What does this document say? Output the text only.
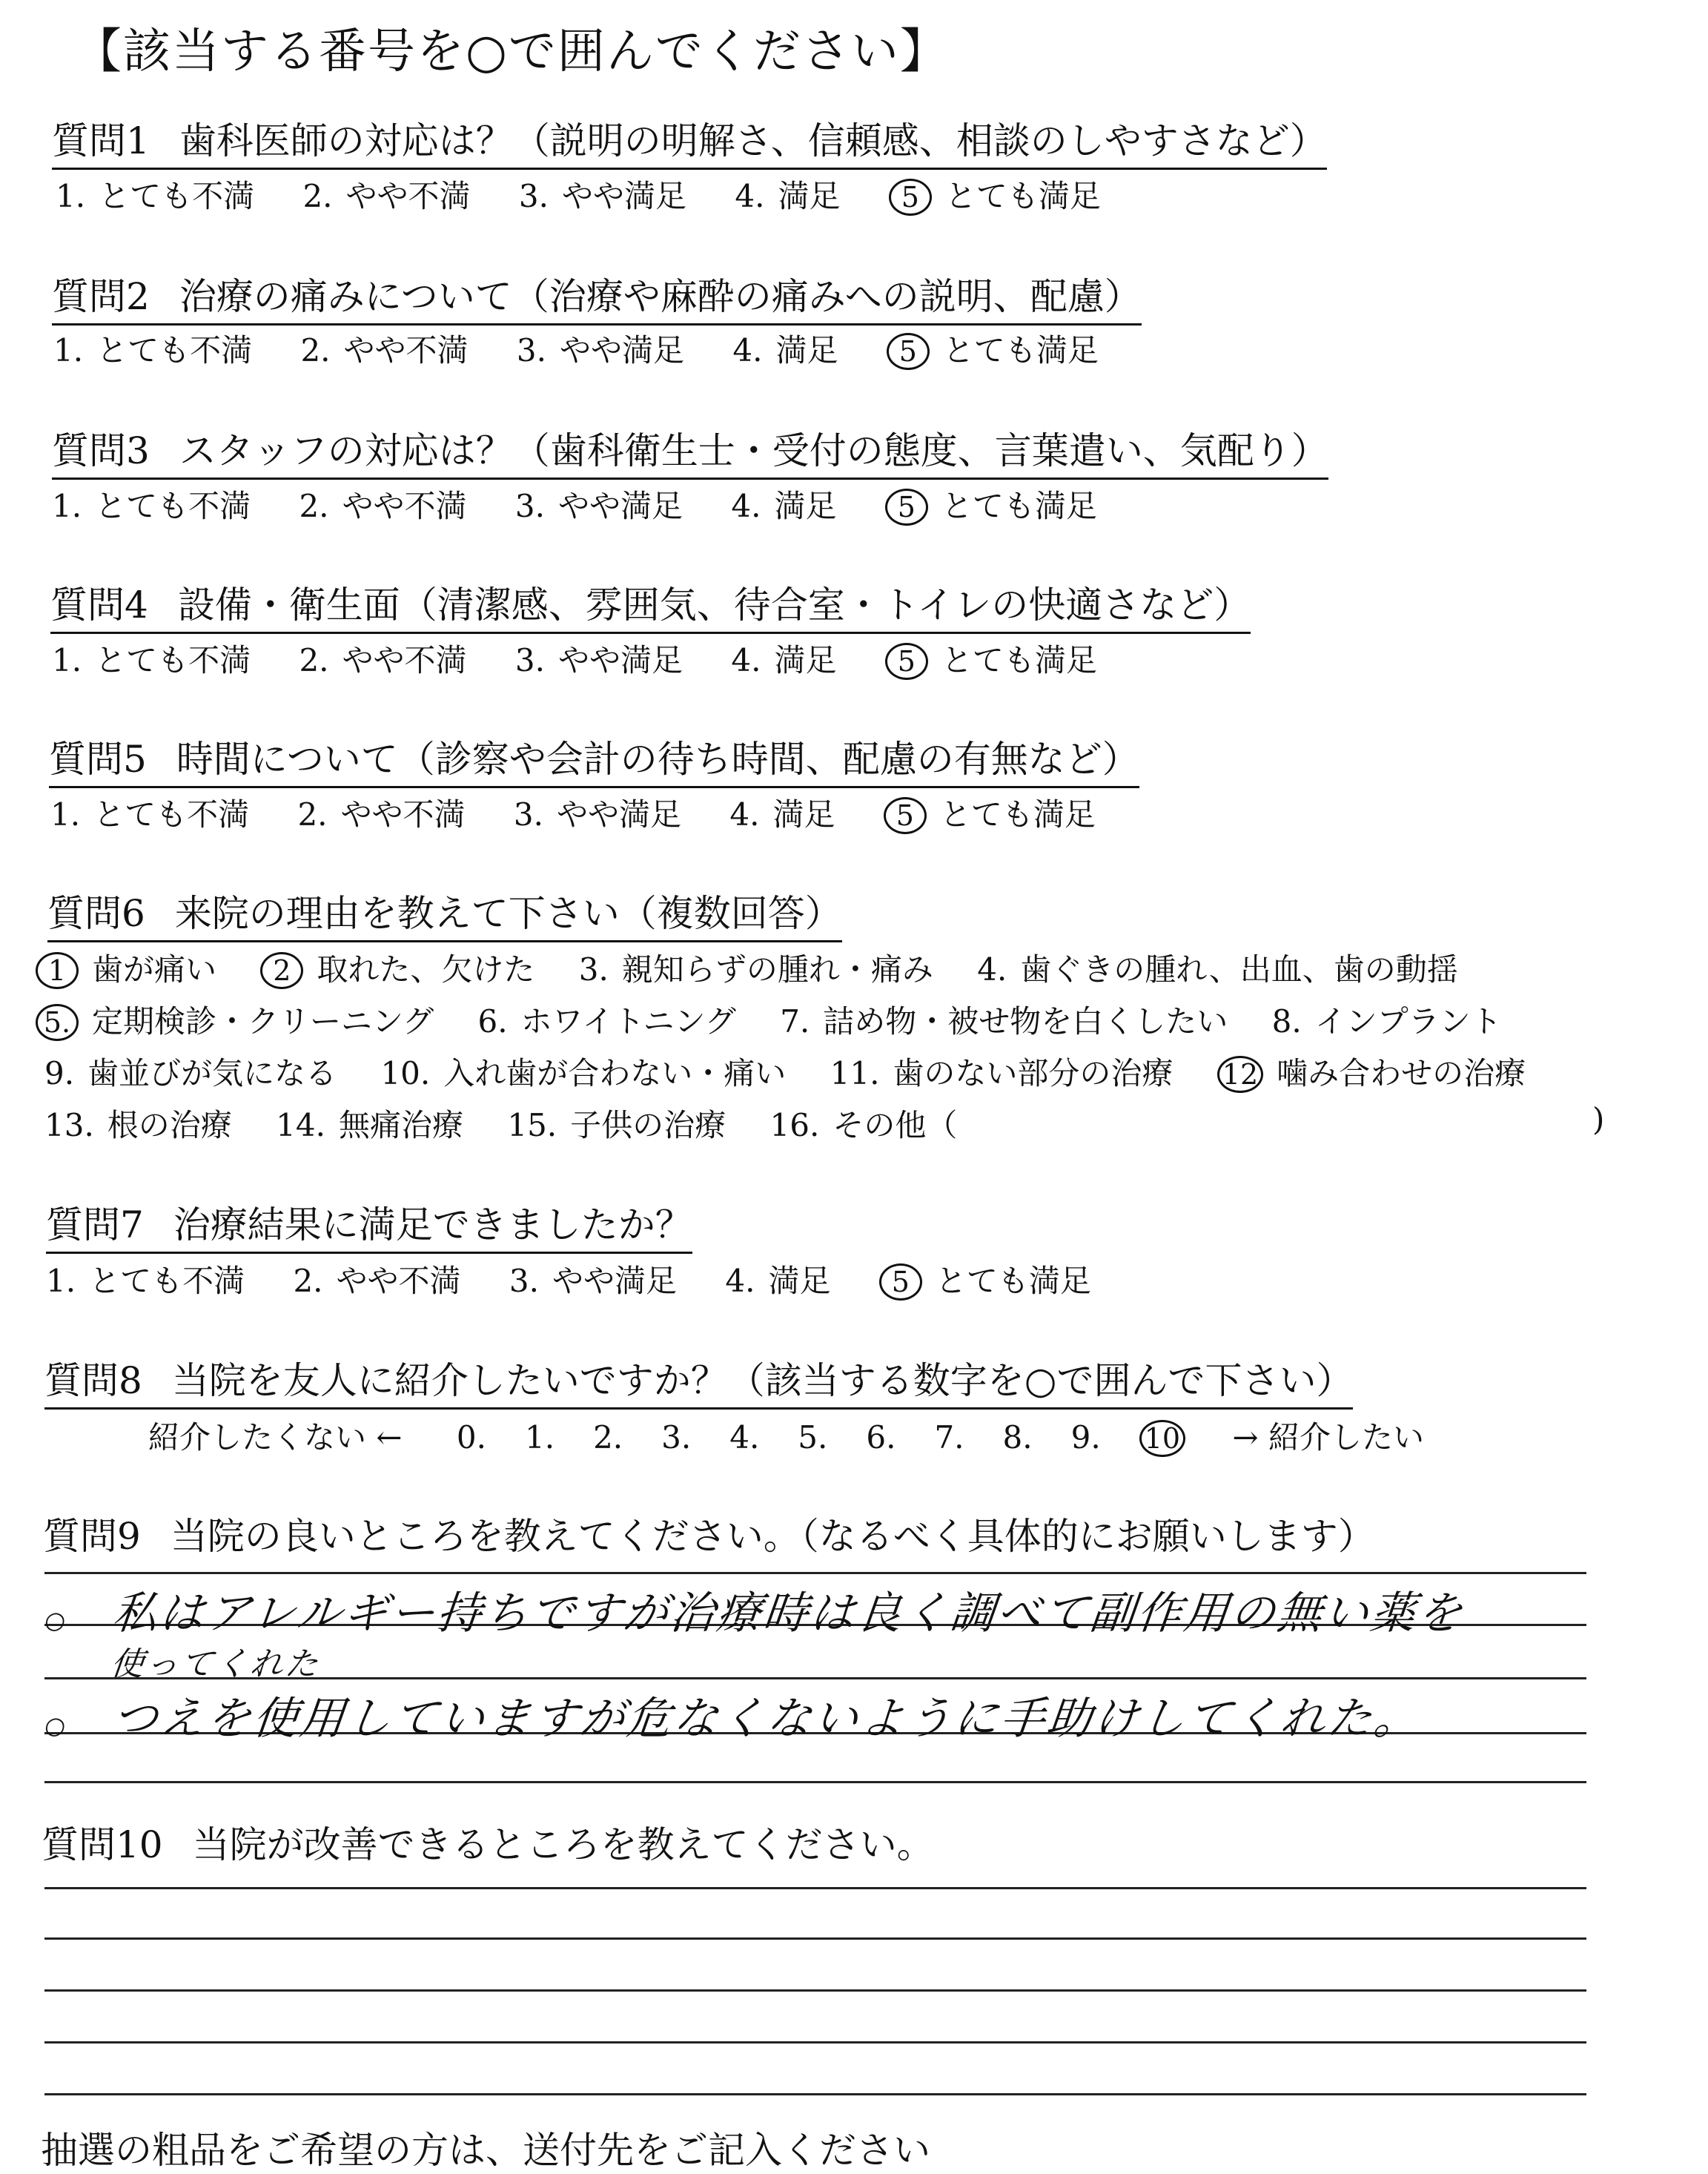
【該当する番号を○で囲んでください】
質問1 歯科医師の対応は？（説明の明解さ、信頼感、相談のしやすさなど）
1. とても不満 2. やや不満 3. やや満足 4. 満足 5 とても満足
質問2 治療の痛みについて（治療や麻酔の痛みへの説明、配慮）
1. とても不満 2. やや不満 3. やや満足 4. 満足 5 とても満足
質問3 スタッフの対応は？（歯科衛生士・受付の態度、言葉遣い、気配り）
1. とても不満 2. やや不満 3. やや満足 4. 満足 5 とても満足
質問4 設備・衛生面（清潔感、雰囲気、待合室・トイレの快適さなど）
1. とても不満 2. やや不満 3. やや満足 4. 満足 5 とても満足
質問5 時間について（診察や会計の待ち時間、配慮の有無など）
1. とても不満 2. やや不満 3. やや満足 4. 満足 5 とても満足
質問6 来院の理由を教えて下さい（複数回答）
1 歯が痛い 2 取れた、欠けた 3. 親知らずの腫れ・痛み 4. 歯ぐきの腫れ、出血、歯の動揺
5. 定期検診・クリーニング 6. ホワイトニング 7. 詰め物・被せ物を白くしたい 8. インプラント
9. 歯並びが気になる 10. 入れ歯が合わない・痛い 11. 歯のない部分の治療 12 噛み合わせの治療
13. 根の治療 14. 無痛治療 15. 子供の治療 16. その他（	)
質問7 治療結果に満足できましたか？
1. とても不満 2. やや不満 3. やや満足 4. 満足 5 とても満足
質問8 当院を友人に紹介したいですか？（該当する数字を○で囲んで下さい）
紹介したくない ← 0. 1. 2. 3. 4. 5. 6. 7. 8. 9. 10 → 紹介したい
質問9 当院の良いところを教えてください。（なるべく具体的にお願いします）
○ 私はアレルギー持ちですが治療時は良く調べて副作用の無い薬を
使ってくれた
○ つえを使用していますが危なくないように手助けしてくれた。
質問10 当院が改善できるところを教えてください。
抽選の粗品をご希望の方は、送付先をご記入ください
